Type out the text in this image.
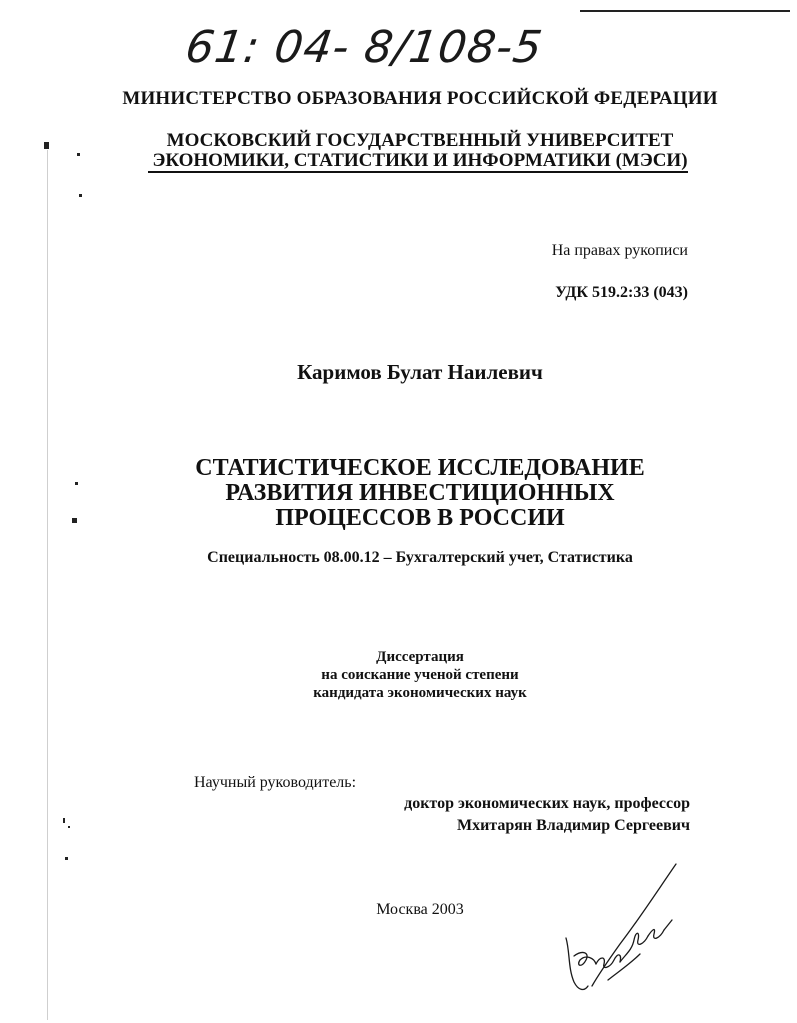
61: 04- 8/108-5
МИНИСТЕРСТВО ОБРАЗОВАНИЯ РОССИЙСКОЙ ФЕДЕРАЦИИ
МОСКОВСКИЙ ГОСУДАРСТВЕННЫЙ УНИВЕРСИТЕТ
ЭКОНОМИКИ, СТАТИСТИКИ И ИНФОРМАТИКИ (МЭСИ)
На правах рукописи
УДК 519.2:33 (043)
Каримов Булат Наилевич
СТАТИСТИЧЕСКОЕ ИССЛЕДОВАНИЕ
РАЗВИТИЯ ИНВЕСТИЦИОННЫХ
ПРОЦЕССОВ В РОССИИ
Специальность 08.00.12 – Бухгалтерский учет, Статистика
Диссертация
на соискание ученой степени
кандидата экономических наук
Научный руководитель:
доктор экономических наук, профессор
Мхитарян Владимир Сергеевич
Москва 2003
